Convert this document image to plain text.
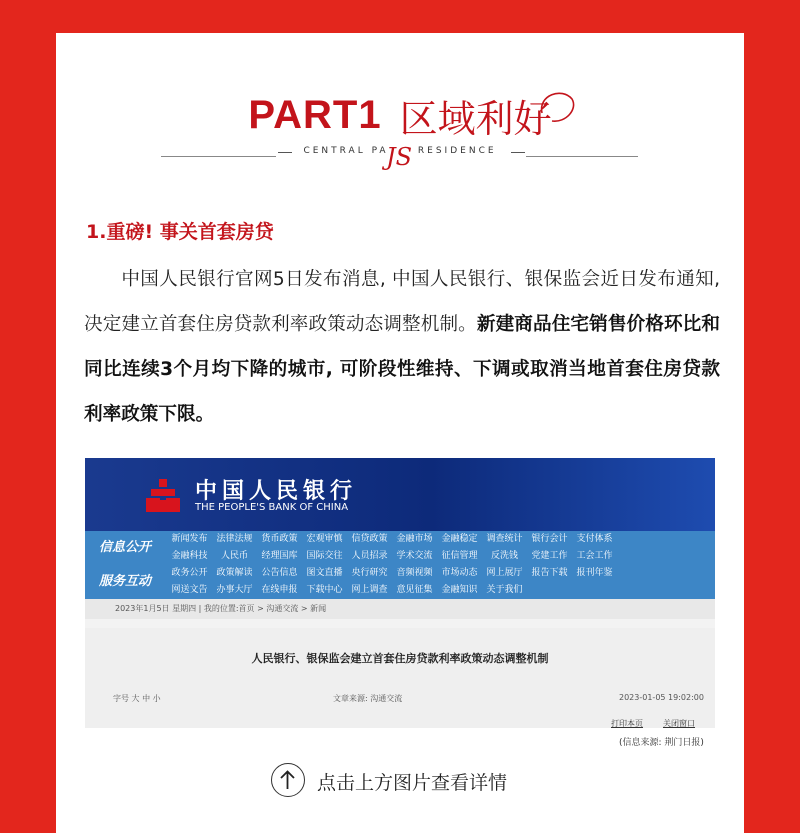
PART1 区域利好
CENTRAL PA	RESIDENCE
JS
1.重磅! 事关首套房贷
中国人民银行官网5日发布消息, 中国人民银行、银保监会近日发布通知, 决定建立首套住房贷款利率政策动态调整机制。新建商品住宅销售价格环比和同比连续3个月均下降的城市, 可阶段性维持、下调或取消当地首套住房贷款利率政策下限。
中国人民银行
THE PEOPLE'S BANK OF CHINA
信息公开
服务互动
新闻发布 法律法规 货币政策 宏观审慎 信贷政策 金融市场 金融稳定 调查统计 银行会计 支付体系
金融科技 人民币 经理国库 国际交往 人员招录 学术交流 征信管理 反洗钱 党建工作 工会工作
政务公开 政策解读 公告信息 图文直播 央行研究 音频视频 市场动态 网上展厅 报告下载 报刊年鉴
网送文告 办事大厅 在线申报 下载中心 网上调查 意见征集 金融知识 关于我们
2023年1月5日 星期四 | 我的位置:首页 > 沟通交流 > 新闻
人民银行、银保监会建立首套住房贷款利率政策动态调整机制
字号 大 中 小	文章来源: 沟通交流	2023-01-05 19:02:00
打印本页	关闭窗口
(信息来源: 荆门日报)
点击上方图片查看详情
